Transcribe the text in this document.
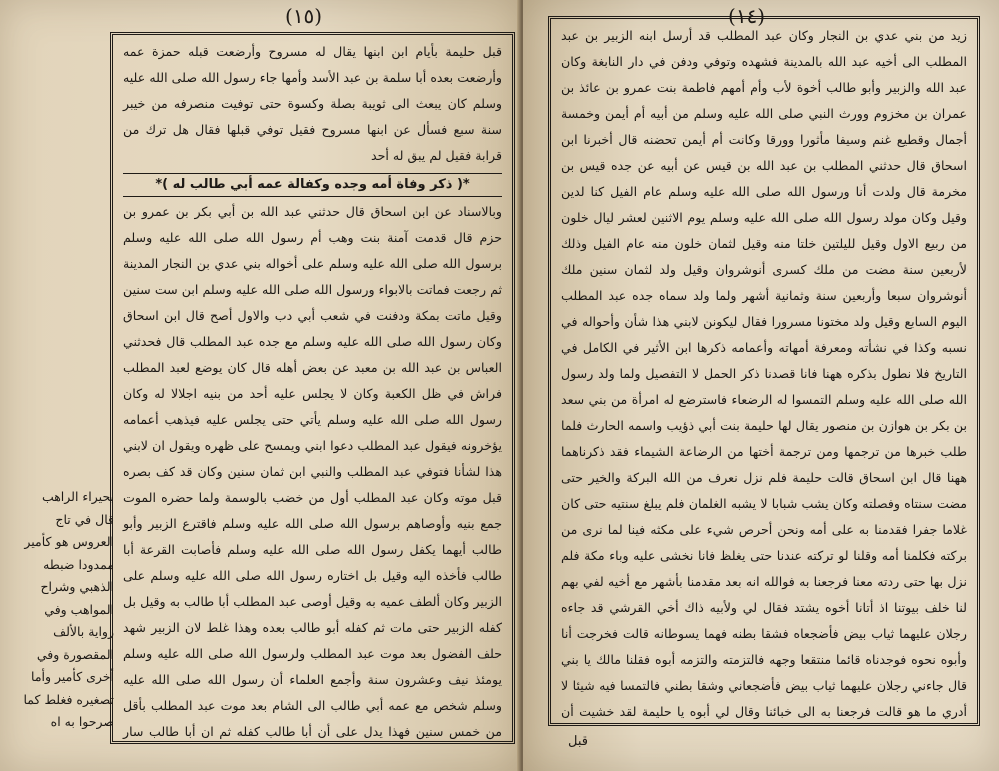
(١٥)

قبل حليمة بأيام ابن ابنها يقال له مسروح وأرضعت قبله حمزة عمه وأرضعت بعده أبا سلمة بن عبد الأسد وأمها جاء رسول الله صلى الله عليه وسلم كان يبعث الى ثويبة بصلة وكسوة حتى توفيت منصرفه من خيبر سنة سبع فسأل عن ابنها مسروح فقيل توفي قبلها فقال هل ترك من قرابة فقيل لم يبق له أحد

*( ذكر وفاة أمه وجده وكفالة عمه أبي طالب له )*

وبالاسناد عن ابن اسحاق قال حدثني عبد الله بن أبي بكر بن عمرو بن حزم قال قدمت آمنة بنت وهب أم رسول الله صلى الله عليه وسلم برسول الله صلى الله عليه وسلم على أخواله بني عدي بن النجار المدينة ثم رجعت فماتت بالابواء ورسول الله صلى الله عليه وسلم ابن ست سنين وقيل ماتت بمكة ودفنت في شعب أبي دب والاول أصح قال ابن اسحاق وكان رسول الله صلى الله عليه وسلم مع جده عبد المطلب قال فحدثني العباس بن عبد الله بن معبد عن بعض أهله قال كان يوضع لعبد المطلب فراش في ظل الكعبة وكان لا يجلس عليه أحد من بنيه اجلالا له وكان رسول الله صلى الله عليه وسلم يأتي حتى يجلس عليه فيذهب أعمامه يؤخرونه فيقول عبد المطلب دعوا ابني ويمسح على ظهره ويقول ان لابني هذا لشأنا فتوفي عبد المطلب والنبي ابن ثمان سنين وكان قد كف بصره قبل موته وكان عبد المطلب أول من خضب بالوسمة ولما حضره الموت جمع بنيه وأوصاهم برسول الله صلى الله عليه وسلم فاقترع الزبير وأبو طالب أيهما يكفل رسول الله صلى الله عليه وسلم فأصابت القرعة أبا طالب فأخذه اليه وقيل بل اختاره رسول الله صلى الله عليه وسلم على الزبير وكان ألطف عميه به وقيل أوصى عبد المطلب أبا طالب به وقيل بل كفله الزبير حتى مات ثم كفله أبو طالب بعده وهذا غلط لان الزبير شهد حلف الفضول بعد موت عبد المطلب ولرسول الله صلى الله عليه وسلم يومئذ نيف وعشرون سنة وأجمع العلماء أن رسول الله صلى الله عليه وسلم شخص مع عمه أبي طالب الى الشام بعد موت عبد المطلب بأقل من خمس سنين فهذا يدل على أن أبا طالب كفله ثم ان أبا طالب سار

بحيراء الراهب قال في تاج العروس هو كأمير ممدودا ضبطه الذهبي وشراح المواهب وفي رواية بالألف المقصورة وفي أخرى كأمير وأما تصغيره فغلط كما صرحوا به اه
(١٤)

زيد من بني عدي بن النجار وكان عبد المطلب قد أرسل ابنه الزبير بن عبد المطلب الى أخيه عبد الله بالمدينة فشهده وتوفي ودفن في دار النابغة وكان عبد الله والزبير وأبو طالب أخوة لأب وأم أمهم فاطمة بنت عمرو بن عائذ بن عمران بن مخزوم وورث النبي صلى الله عليه وسلم من أبيه أم أيمن وخمسة أجمال وقطيع غنم وسيفا مأثورا وورقا وكانت أم أيمن تحضنه قال أخبرنا ابن اسحاق قال حدثني المطلب بن عبد الله بن قيس عن أبيه عن جده قيس بن مخرمة قال ولدت أنا ورسول الله صلى الله عليه وسلم عام الفيل كنا لدين وقيل وكان مولد رسول الله صلى الله عليه وسلم يوم الاثنين لعشر ليال خلون من ربيع الاول وقيل لليلتين خلتا منه وقيل لثمان خلون منه عام الفيل وذلك لأربعين سنة مضت من ملك كسرى أنوشروان وقيل ولد لثمان سنين ملك أنوشروان سبعا وأربعين سنة وثمانية أشهر ولما ولد سماه جده عبد المطلب اليوم السابع وقيل ولد مختونا مسرورا فقال ليكونن لابني هذا شأن وأحواله في نسبه وكذا في نشأته ومعرفة أمهاته وأعمامه ذكرها ابن الأثير في الكامل في التاريخ فلا نطول بذكره ههنا فانا قصدنا ذكر الحمل لا التفصيل ولما ولد رسول الله صلى الله عليه وسلم التمسوا له الرضعاء فاسترضع له امرأة من بني سعد بن بكر بن هوازن بن منصور يقال لها حليمة بنت أبي ذؤيب واسمه الحارث فلما طلب خبرها من ترجمها ومن ترجمة أختها من الرضاعة الشيماء فقد ذكرناهما ههنا قال ابن اسحاق قالت حليمة فلم نزل نعرف من الله البركة والخير حتى مضت سنتاه وفصلته وكان يشب شبابا لا يشبه الغلمان فلم يبلغ سنتيه حتى كان غلاما جفرا فقدمنا به على أمه ونحن أحرص شيء على مكثه فينا لما نرى من بركته فكلمنا أمه وقلنا لو تركته عندنا حتى يغلظ فانا نخشى عليه وباء مكة فلم نزل بها حتى ردته معنا فرجعنا به فوالله انه بعد مقدمنا بأشهر مع أخيه لفي بهم لنا خلف بيوتنا اذ أتانا أخوه يشتد فقال لي ولأبيه ذاك أخي القرشي قد جاءه رجلان عليهما ثياب بيض فأضجعاه فشقا بطنه فهما يسوطانه قالت فخرجت أنا وأبوه نحوه فوجدناه قائما منتقعا وجهه فالتزمته والتزمه أبوه فقلنا مالك يا بني قال جاءني رجلان عليهما ثياب بيض فأضجعاني وشقا بطني فالتمسا فيه شيئا لا أدري ما هو قالت فرجعنا به الى خبائنا وقال لي أبوه يا حليمة لقد خشيت أن

قبل
